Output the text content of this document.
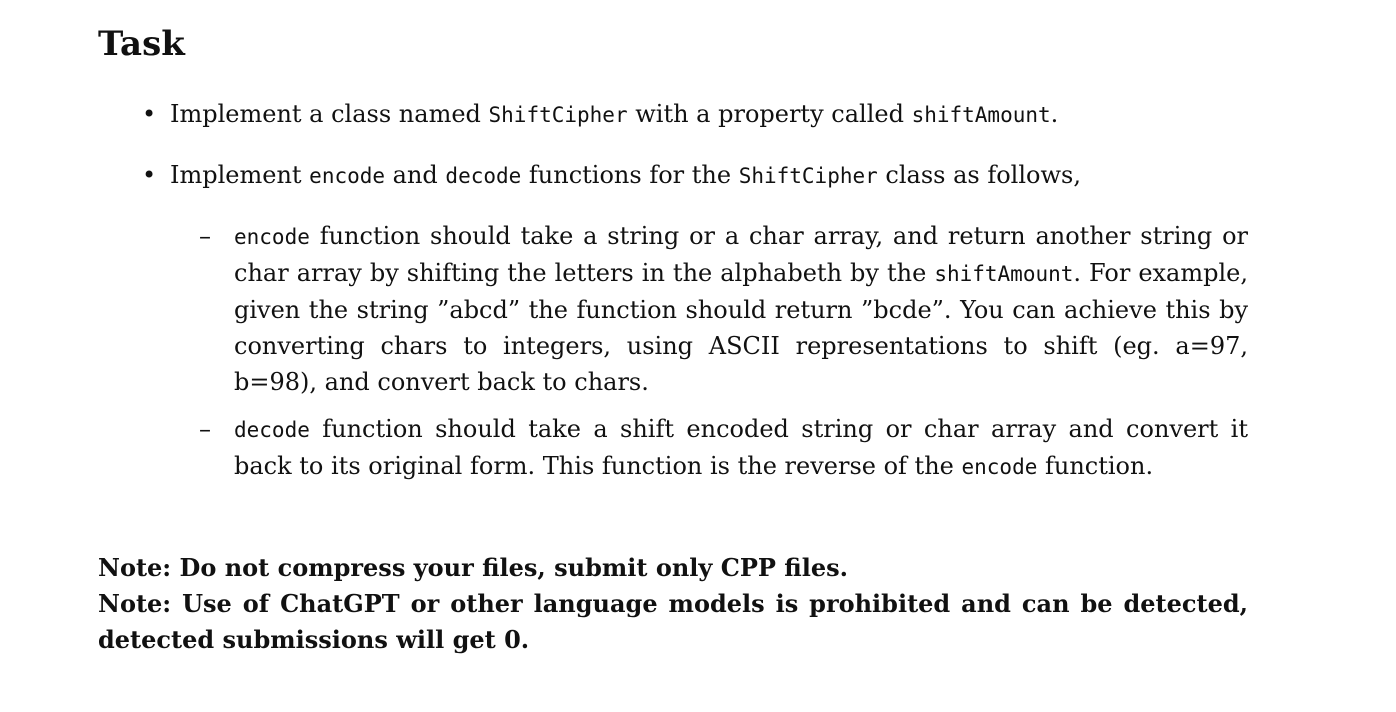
Task
• Implement a class named ShiftCipher with a property called shiftAmount.
• Implement encode and decode functions for the ShiftCipher class as follows,
– encode function should take a string or a char array, and return another string or char array by shifting the letters in the alphabeth by the shiftAmount. For example, given the string ”abcd” the function should return ”bcde”. You can achieve this by converting chars to integers, using ASCII representations to shift (eg. a=97, b=98), and convert back to chars.
– decode function should take a shift encoded string or char array and convert it back to its original form. This function is the reverse of the encode function.

Note: Do not compress your files, submit only CPP files.

Note: Use of ChatGPT or other language models is prohibited and can be detected, detected submissions will get 0.
